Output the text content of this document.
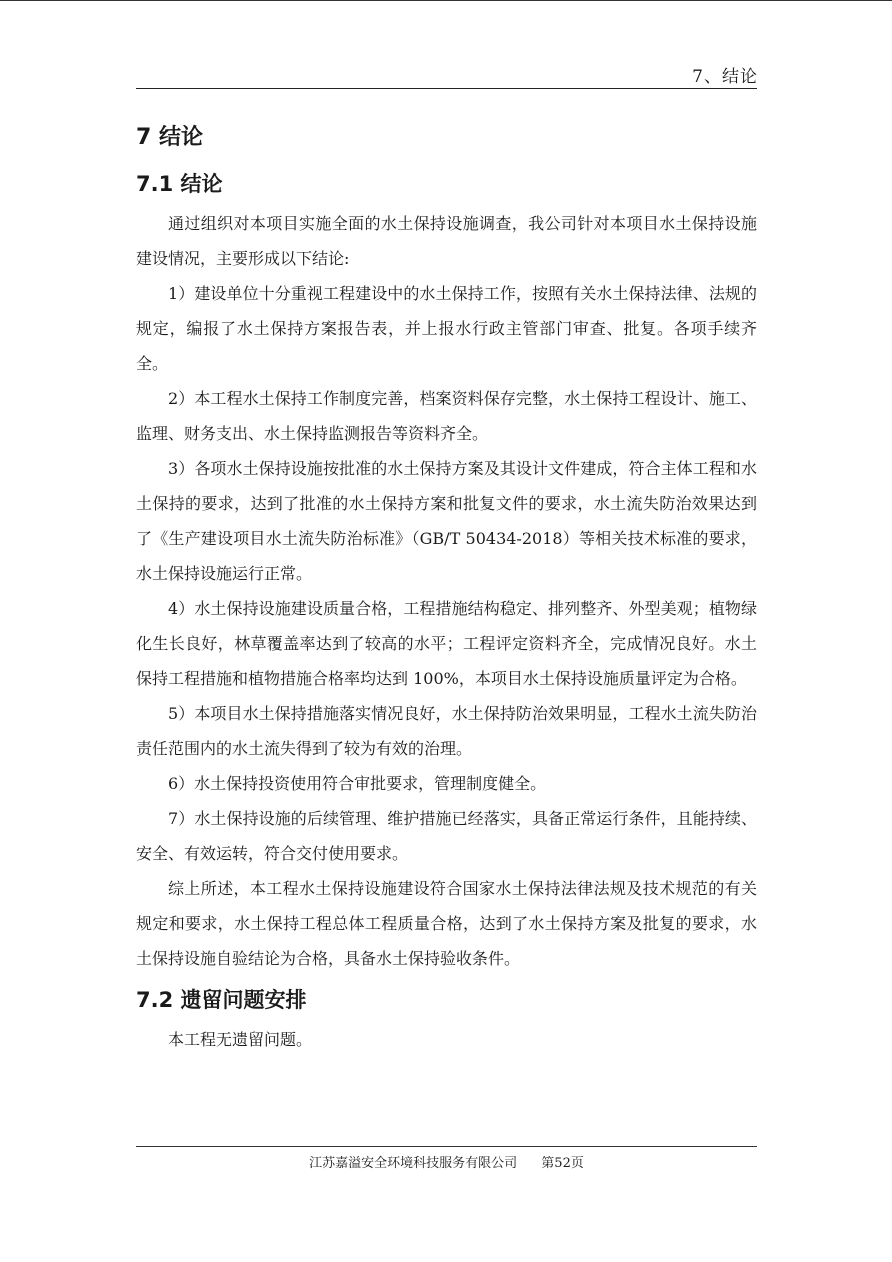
7、结论
7 结论
7.1 结论

通过组织对本项目实施全面的水土保持设施调查，我公司针对本项目水土保持设施建设情况，主要形成以下结论:

1）建设单位十分重视工程建设中的水土保持工作，按照有关水土保持法律、法规的规定，编报了水土保持方案报告表，并上报水行政主管部门审查、批复。各项手续齐全。

2）本工程水土保持工作制度完善，档案资料保存完整，水土保持工程设计、施工、监理、财务支出、水土保持监测报告等资料齐全。

3）各项水土保持设施按批准的水土保持方案及其设计文件建成，符合主体工程和水土保持的要求，达到了批准的水土保持方案和批复文件的要求，水土流失防治效果达到了《生产建设项目水土流失防治标准》（GB/T 50434-2018）等相关技术标准的要求，水土保持设施运行正常。

4）水土保持设施建设质量合格，工程措施结构稳定、排列整齐、外型美观；植物绿化生长良好，林草覆盖率达到了较高的水平；工程评定资料齐全，完成情况良好。水土保持工程措施和植物措施合格率均达到 100%，本项目水土保持设施质量评定为合格。

5）本项目水土保持措施落实情况良好，水土保持防治效果明显，工程水土流失防治责任范围内的水土流失得到了较为有效的治理。

6）水土保持投资使用符合审批要求，管理制度健全。

7）水土保持设施的后续管理、维护措施已经落实，具备正常运行条件，且能持续、安全、有效运转，符合交付使用要求。

综上所述，本工程水土保持设施建设符合国家水土保持法律法规及技术规范的有关规定和要求，水土保持工程总体工程质量合格，达到了水土保持方案及批复的要求，水土保持设施自验结论为合格，具备水土保持验收条件。

7.2 遗留问题安排

本工程无遗留问题。

江苏嘉溢安全环境科技服务有限公司 第52页
